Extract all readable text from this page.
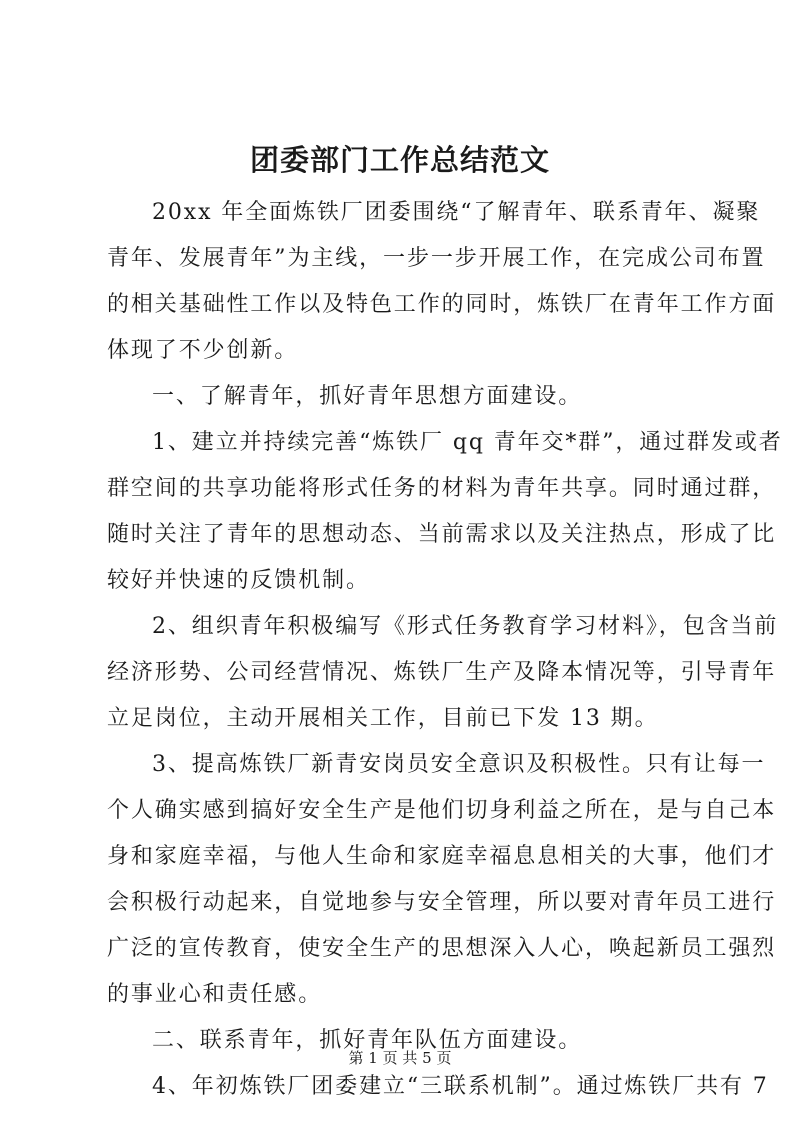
团委部门工作总结范文
20xx 年全面炼铁厂团委围绕“了解青年、联系青年、凝聚
青年、发展青年”为主线，一步一步开展工作，在完成公司布置
的相关基础性工作以及特色工作的同时，炼铁厂在青年工作方面
体现了不少创新。
一、了解青年，抓好青年思想方面建设。
1、建立并持续完善“炼铁厂 qq 青年交*群”，通过群发或者
群空间的共享功能将形式任务的材料为青年共享。同时通过群，
随时关注了青年的思想动态、当前需求以及关注热点，形成了比
较好并快速的反馈机制。
2、组织青年积极编写《形式任务教育学习材料》，包含当前
经济形势、公司经营情况、炼铁厂生产及降本情况等，引导青年
立足岗位，主动开展相关工作，目前已下发 13 期。
3、提高炼铁厂新青安岗员安全意识及积极性。只有让每一
个人确实感到搞好安全生产是他们切身利益之所在，是与自己本
身和家庭幸福，与他人生命和家庭幸福息息相关的大事，他们才
会积极行动起来，自觉地参与安全管理，所以要对青年员工进行
广泛的宣传教育，使安全生产的思想深入人心，唤起新员工强烈
的事业心和责任感。
二、联系青年，抓好青年队伍方面建设。
4、年初炼铁厂团委建立“三联系机制”。通过炼铁厂共有 7
第 1 页 共 5 页
